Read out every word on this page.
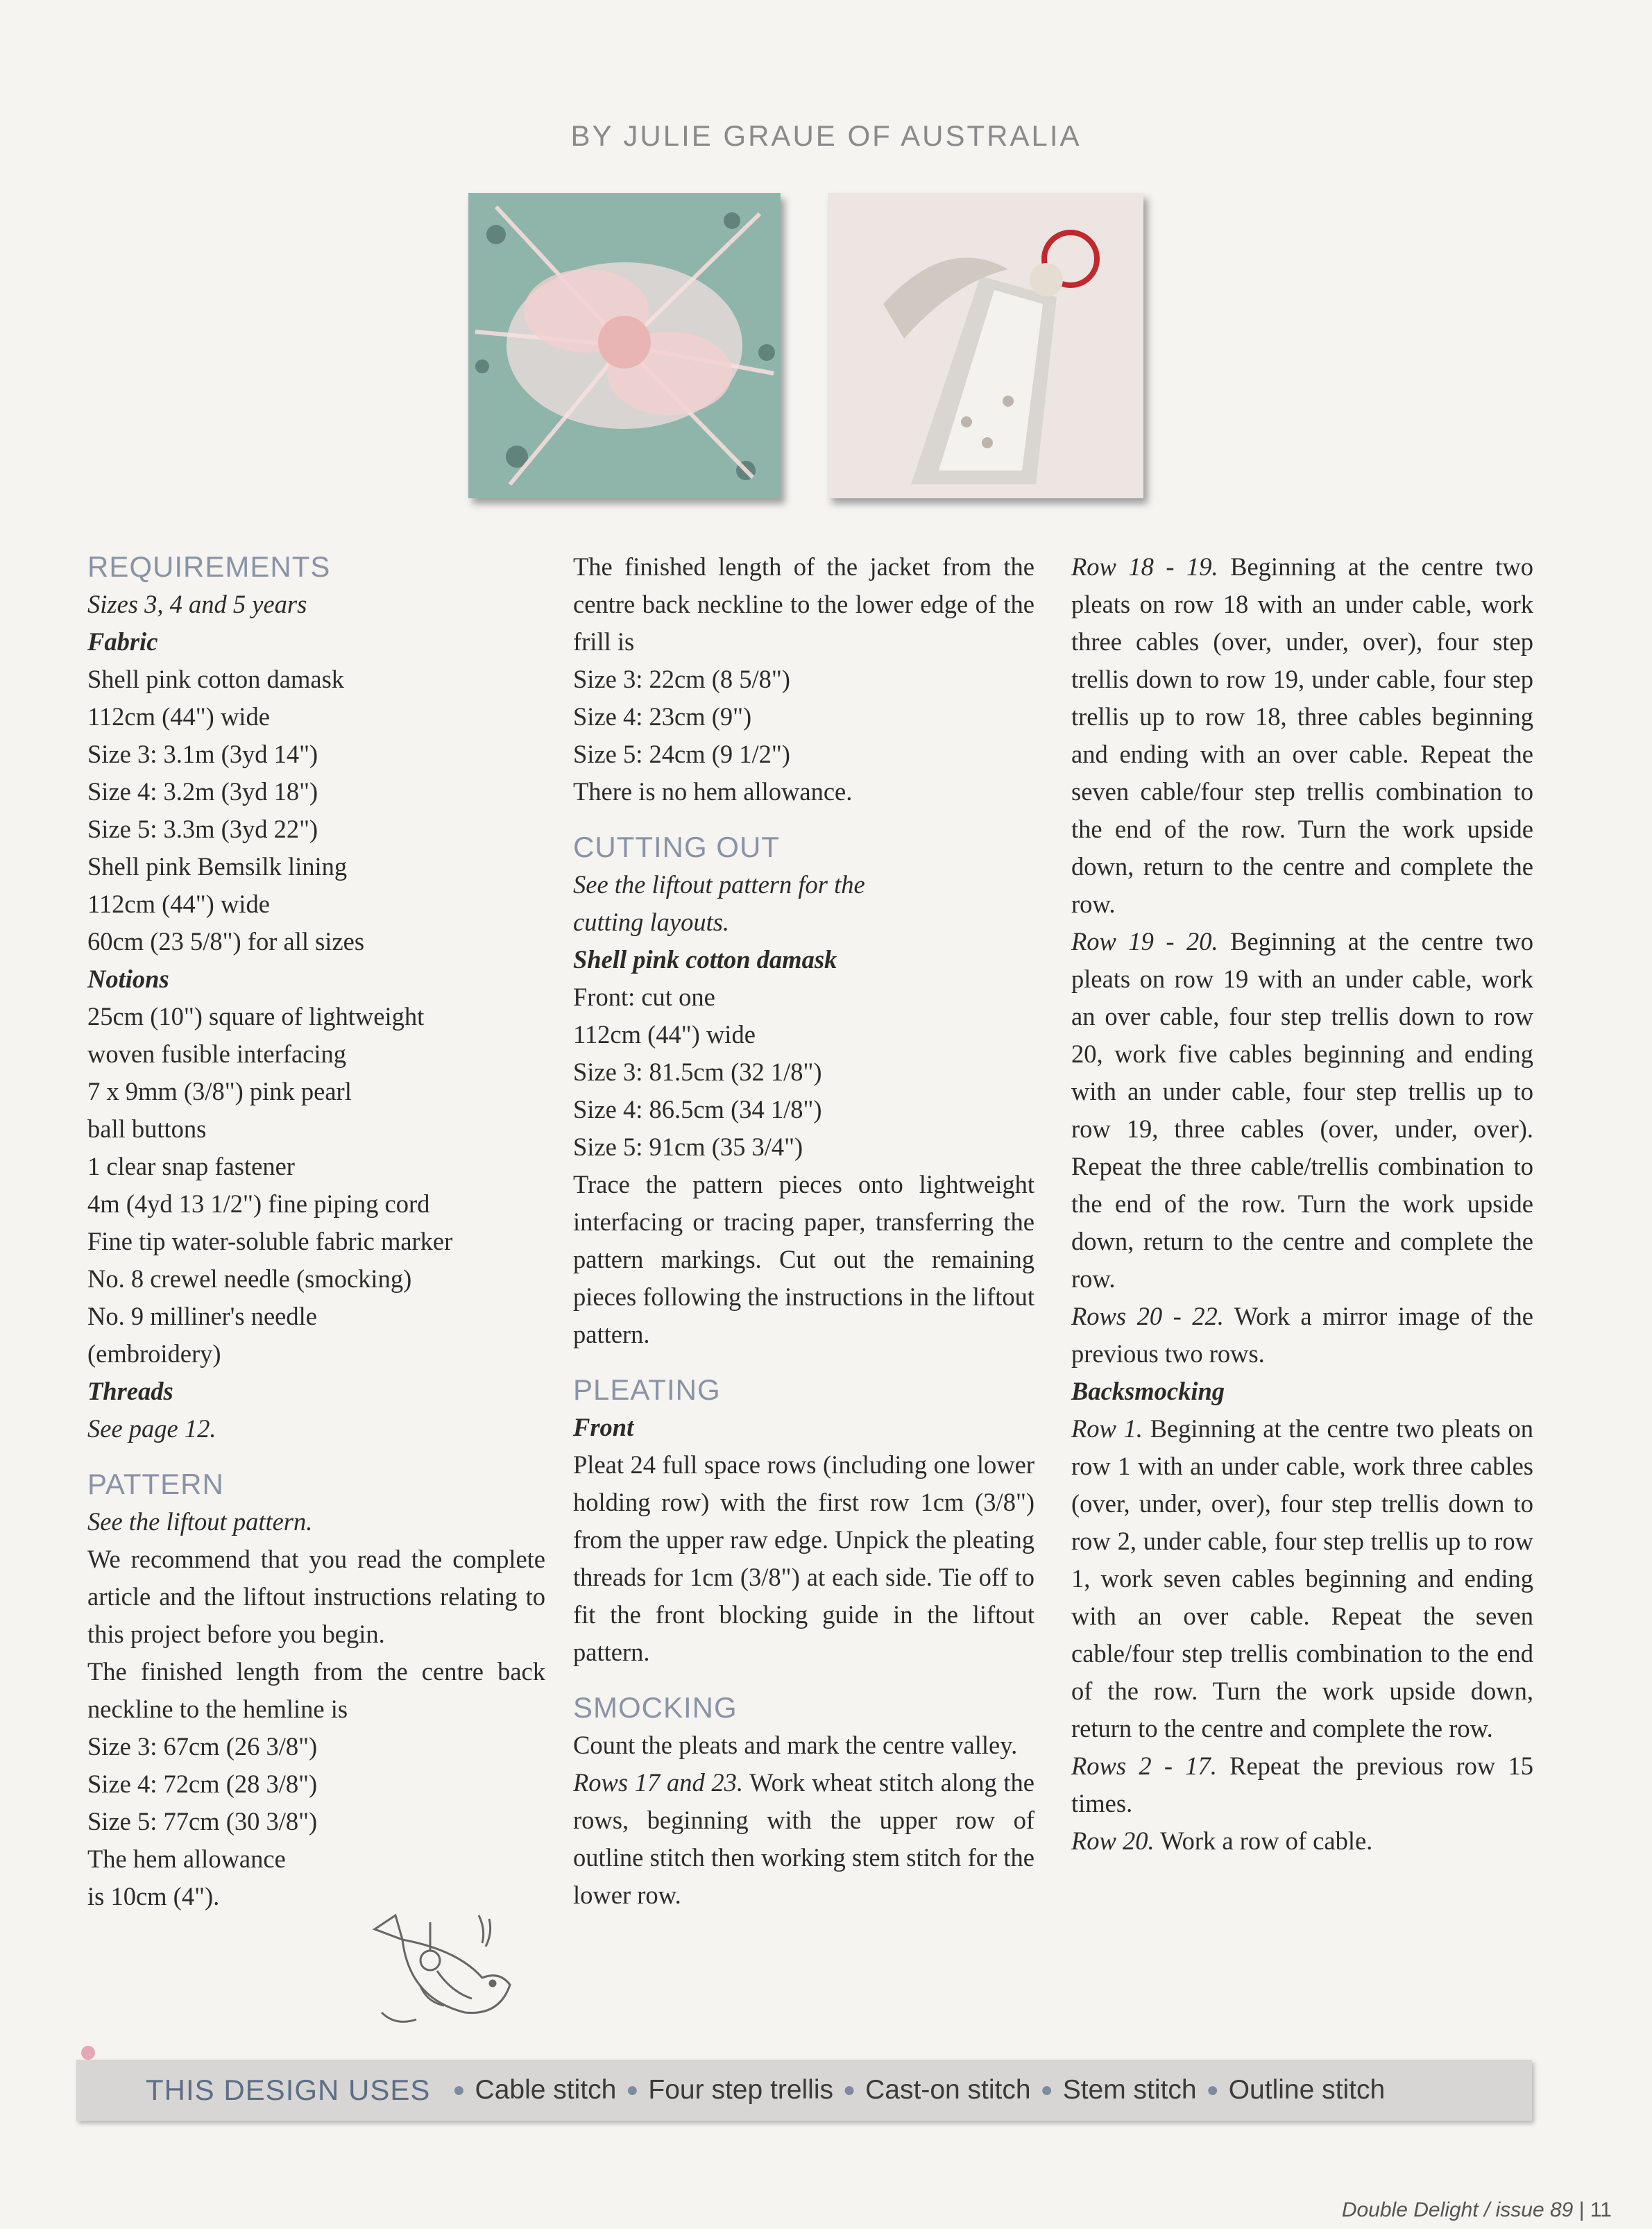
BY JULIE GRAUE OF AUSTRALIA

REQUIREMENTS

Sizes 3, 4 and 5 years

Fabric

Shell pink cotton damask

112cm (44") wide

Size 3: 3.1m (3yd 14")

Size 4: 3.2m (3yd 18")

Size 5: 3.3m (3yd 22")

Shell pink Bemsilk lining

112cm (44") wide

60cm (23 5/8") for all sizes

Notions

25cm (10") square of lightweight

woven fusible interfacing

7 x 9mm (3/8") pink pearl

ball buttons

1 clear snap fastener

4m (4yd 13 1/2") fine piping cord

Fine tip water-soluble fabric marker

No. 8 crewel needle (smocking)

No. 9 milliner's needle

(embroidery)

Threads

See page 12.

PATTERN

See the liftout pattern.

We recommend that you read the complete article and the liftout instructions relating to this project before you begin.

The finished length from the centre back neckline to the hemline is

Size 3: 67cm (26 3/8")

Size 4: 72cm (28 3/8")

Size 5: 77cm (30 3/8")

The hem allowance

is 10cm (4").

The finished length of the jacket from the centre back neckline to the lower edge of the frill is

Size 3: 22cm (8 5/8")

Size 4: 23cm (9")

Size 5: 24cm (9 1/2")

There is no hem allowance.

CUTTING OUT

See the liftout pattern for the

cutting layouts.

Shell pink cotton damask

Front: cut one

112cm (44") wide

Size 3: 81.5cm (32 1/8")

Size 4: 86.5cm (34 1/8")

Size 5: 91cm (35 3/4")

Trace the pattern pieces onto lightweight interfacing or tracing paper, transferring the pattern markings. Cut out the remaining pieces following the instructions in the liftout pattern.

PLEATING

Front

Pleat 24 full space rows (including one lower holding row) with the first row 1cm (3/8") from the upper raw edge. Unpick the pleating threads for 1cm (3/8") at each side. Tie off to fit the front blocking guide in the liftout pattern.

SMOCKING

Count the pleats and mark the centre valley.

Rows 17 and 23. Work wheat stitch along the rows, beginning with the upper row of outline stitch then working stem stitch for the lower row.

Row 18 - 19. Beginning at the centre two pleats on row 18 with an under cable, work three cables (over, under, over), four step trellis down to row 19, under cable, four step trellis up to row 18, three cables beginning and ending with an over cable. Repeat the seven cable/four step trellis combination to the end of the row. Turn the work upside down, return to the centre and complete the row.

Row 19 - 20. Beginning at the centre two pleats on row 19 with an under cable, work an over cable, four step trellis down to row 20, work five cables beginning and ending with an under cable, four step trellis up to row 19, three cables (over, under, over). Repeat the three cable/trellis combination to the end of the row. Turn the work upside down, return to the centre and complete the row.

Rows 20 - 22. Work a mirror image of the previous two rows.

Backsmocking

Row 1. Beginning at the centre two pleats on row 1 with an under cable, work three cables (over, under, over), four step trellis down to row 2, under cable, four step trellis up to row 1, work seven cables beginning and ending with an over cable. Repeat the seven cable/four step trellis combination to the end of the row. Turn the work upside down, return to the centre and complete the row.

Rows 2 - 17. Repeat the previous row 15 times.

Row 20. Work a row of cable.

THIS DESIGN USES ● Cable stitch ● Four step trellis ● Cast-on stitch ● Stem stitch ● Outline stitch
Double Delight / issue 89 | 11
